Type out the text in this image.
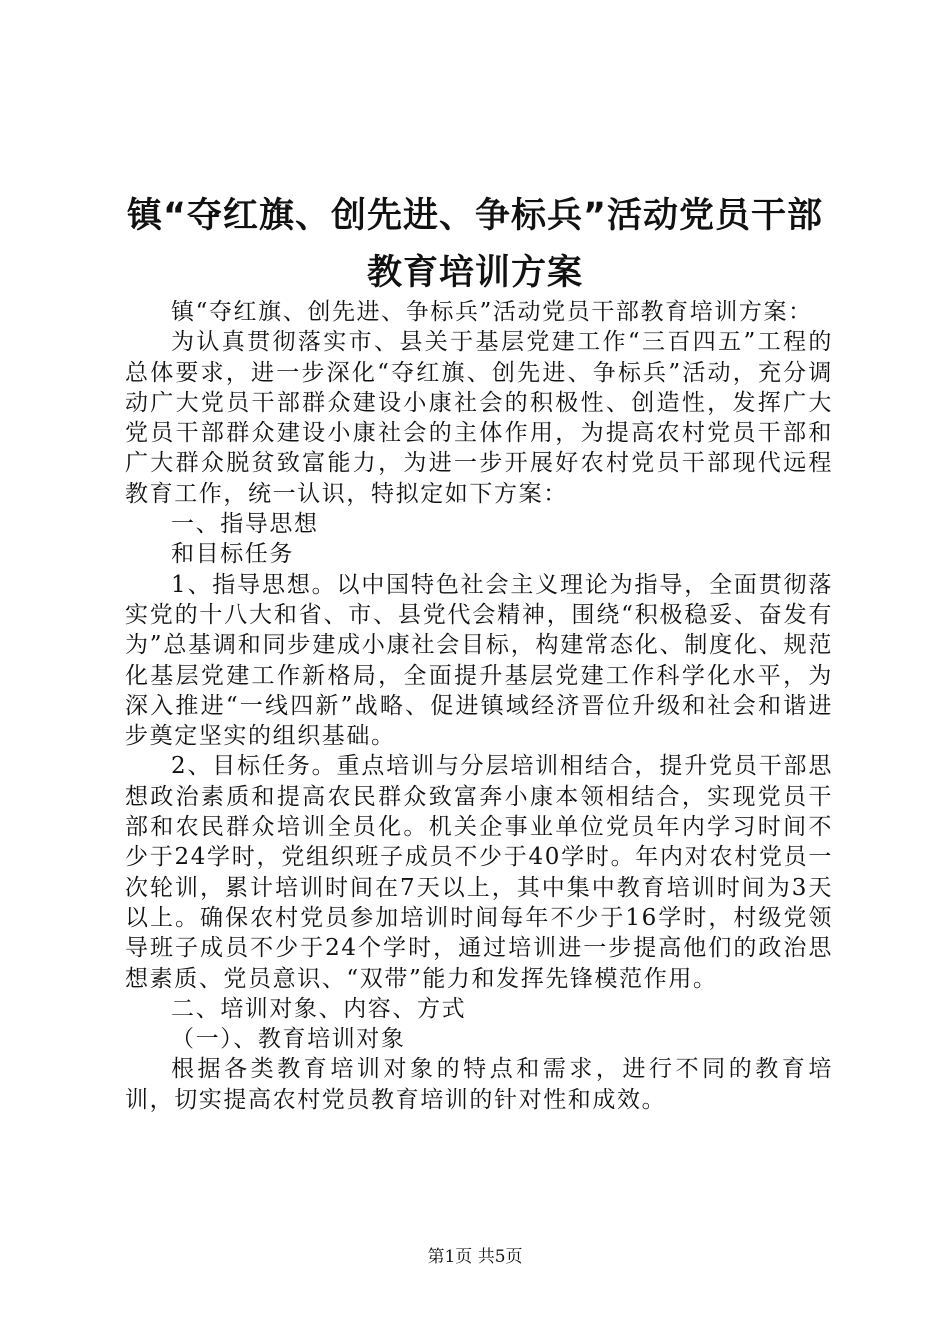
镇“夺红旗、创先进、争标兵”活动党员干部
教育培训方案

镇“夺红旗、创先进、争标兵”活动党员干部教育培训方案：

为认真贯彻落实市、县关于基层党建工作“三百四五”工程的总体要求，进一步深化“夺红旗、创先进、争标兵”活动，充分调动广大党员干部群众建设小康社会的积极性、创造性，发挥广大党员干部群众建设小康社会的主体作用，为提高农村党员干部和广大群众脱贫致富能力，为进一步开展好农村党员干部现代远程教育工作，统一认识，特拟定如下方案：

一、指导思想

和目标任务

1、指导思想。以中国特色社会主义理论为指导，全面贯彻落实党的十八大和省、市、县党代会精神，围绕“积极稳妥、奋发有为”总基调和同步建成小康社会目标，构建常态化、制度化、规范化基层党建工作新格局，全面提升基层党建工作科学化水平，为深入推进“一线四新”战略、促进镇域经济晋位升级和社会和谐进步奠定坚实的组织基础。

2、目标任务。重点培训与分层培训相结合，提升党员干部思想政治素质和提高农民群众致富奔小康本领相结合，实现党员干部和农民群众培训全员化。机关企事业单位党员年内学习时间不少于24学时，党组织班子成员不少于40学时。年内对农村党员一次轮训，累计培训时间在7天以上，其中集中教育培训时间为3天以上。确保农村党员参加培训时间每年不少于16学时，村级党领导班子成员不少于24个学时，通过培训进一步提高他们的政治思想素质、党员意识、“双带”能力和发挥先锋模范作用。

二、培训对象、内容、方式

（一）、教育培训对象

根据各类教育培训对象的特点和需求，进行不同的教育培训，切实提高农村党员教育培训的针对性和成效。

第1页 共5页
